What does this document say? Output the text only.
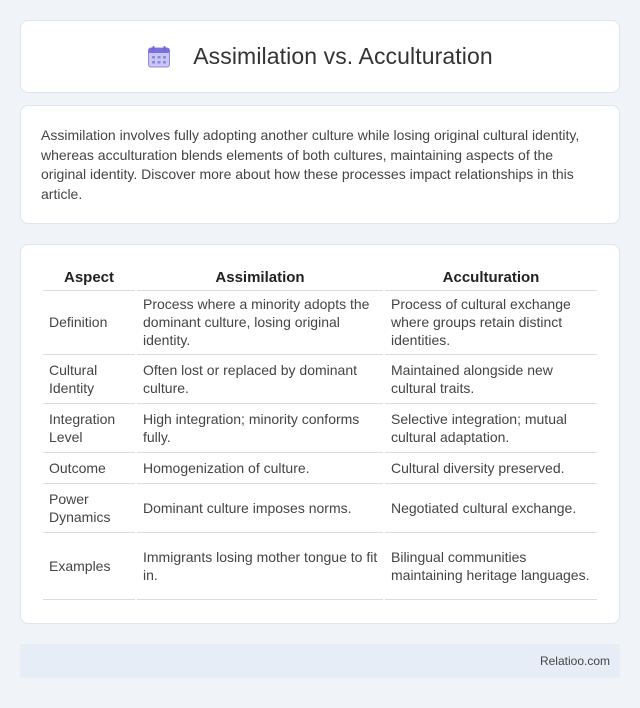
Assimilation vs. Acculturation

Assimilation involves fully adopting another culture while losing original cultural identity, whereas acculturation blends elements of both cultures, maintaining aspects of the original identity. Discover more about how these processes impact relationships in this article.

Aspect	Assimilation	Acculturation
Definition	Process where a minority adopts the dominant culture, losing original identity.	Process of cultural exchange where groups retain distinct identities.
Cultural Identity	Often lost or replaced by dominant culture.	Maintained alongside new cultural traits.
Integration Level	High integration; minority conforms fully.	Selective integration; mutual cultural adaptation.
Outcome	Homogenization of culture.	Cultural diversity preserved.
Power Dynamics	Dominant culture imposes norms.	Negotiated cultural exchange.
Examples	Immigrants losing mother tongue to fit in.	Bilingual communities maintaining heritage languages.
Relatioo.com
